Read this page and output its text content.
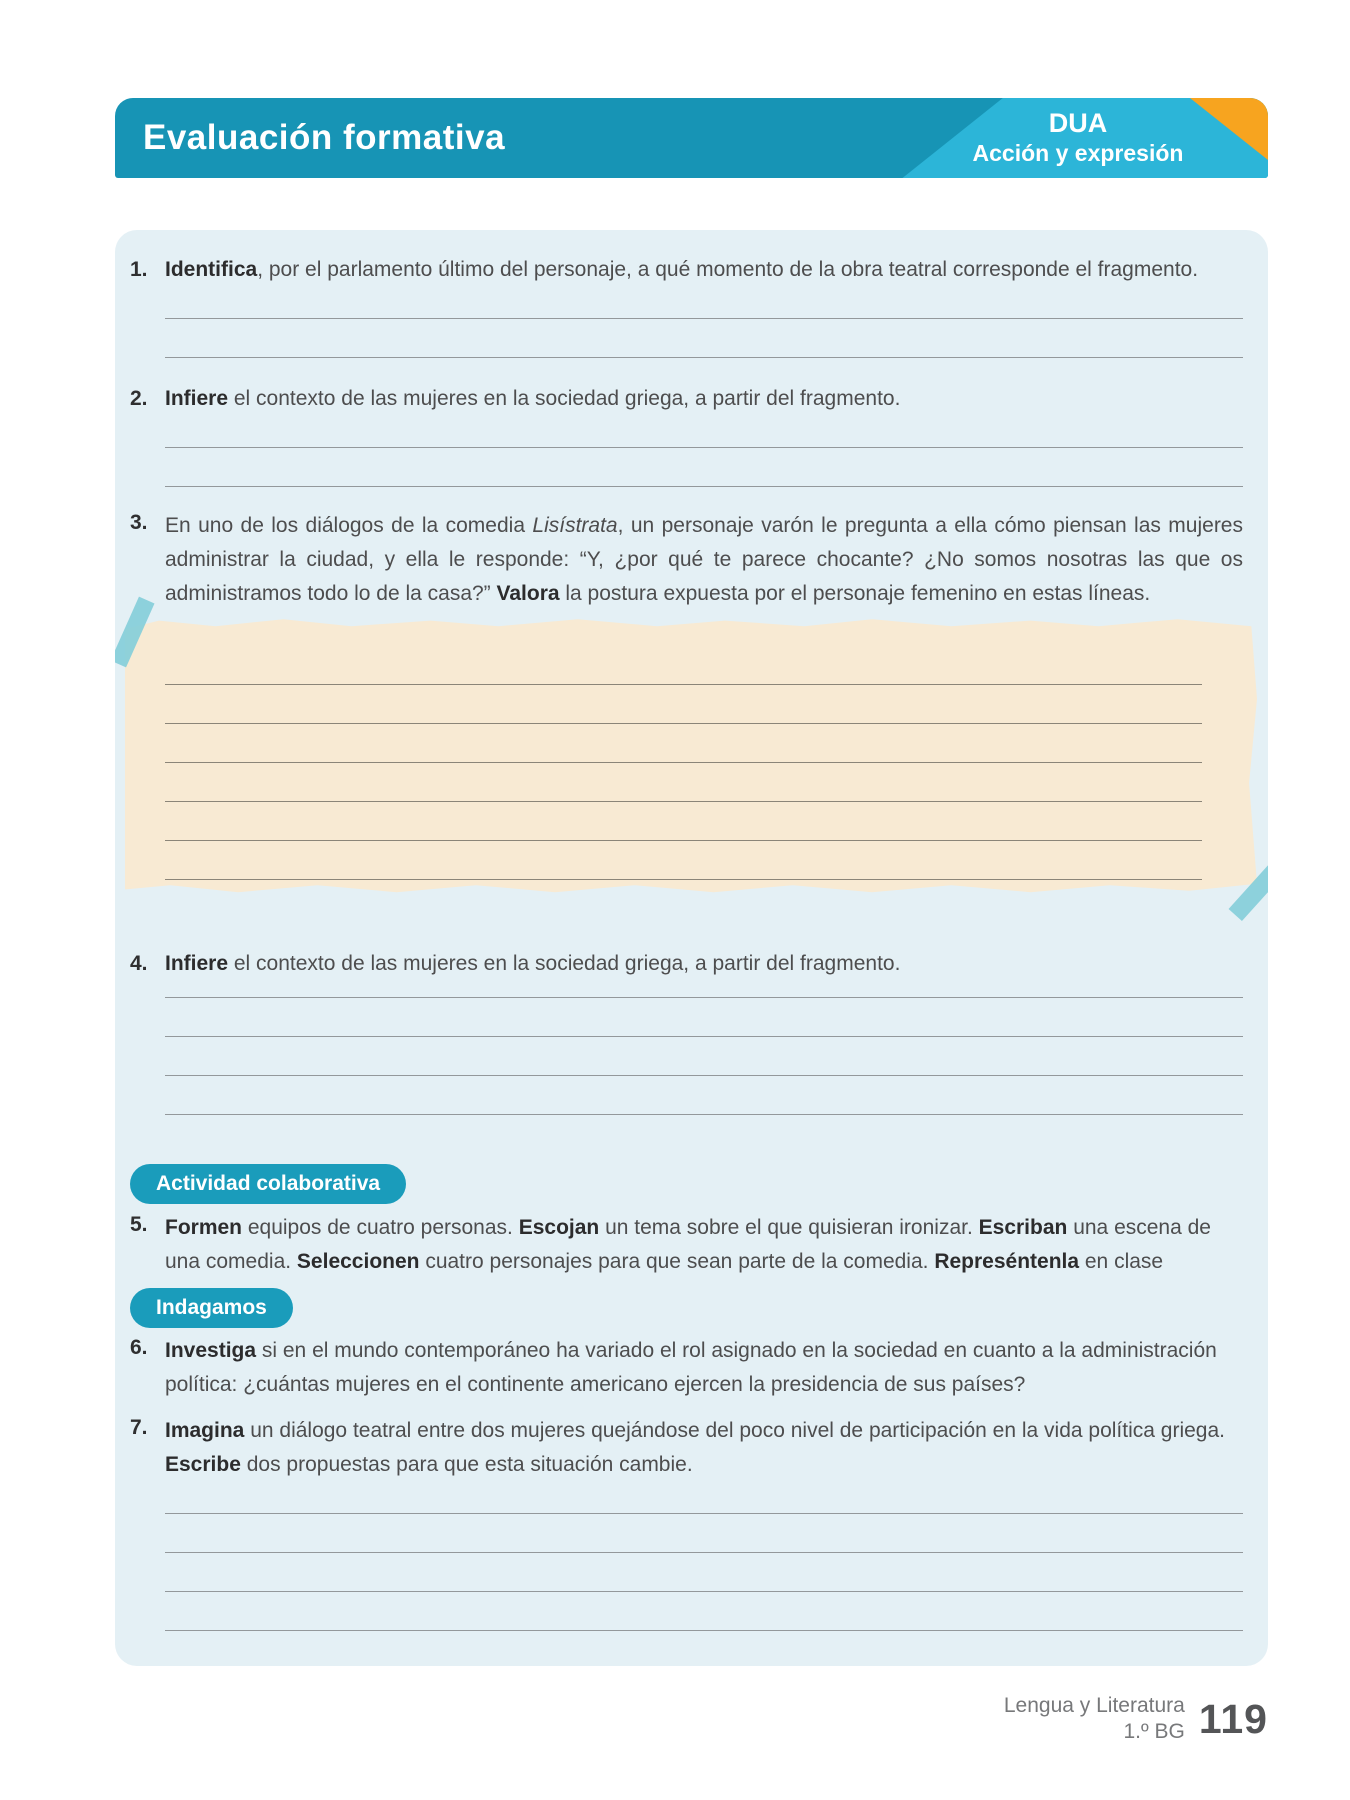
Evaluación formativa	DUA
Acción y expresión
1. Identifica, por el parlamento último del personaje, a qué momento de la obra teatral corresponde el fragmento.

2. Infiere el contexto de las mujeres en la sociedad griega, a partir del fragmento.

3. En uno de los diálogos de la comedia Lisístrata, un personaje varón le pregunta a ella cómo piensan las mujeres administrar la ciudad, y ella le responde: “Y, ¿por qué te parece chocante? ¿No somos nosotras las que os administramos todo lo de la casa?” Valora la postura expuesta por el personaje femenino en estas líneas.

4. Infiere el contexto de las mujeres en la sociedad griega, a partir del fragmento.

Actividad colaborativa
5. Formen equipos de cuatro personas. Escojan un tema sobre el que quisieran ironizar. Escriban una escena de una comedia. Seleccionen cuatro personajes para que sean parte de la comedia. Represéntenla en clase

Indagamos
6. Investiga si en el mundo contemporáneo ha variado el rol asignado en la sociedad en cuanto a la administración política: ¿cuántas mujeres en el continente americano ejercen la presidencia de sus países?

7. Imagina un diálogo teatral entre dos mujeres quejándose del poco nivel de participación en la vida política griega. Escribe dos propuestas para que esta situación cambie.

Lengua y Literatura
1.º BG 119
